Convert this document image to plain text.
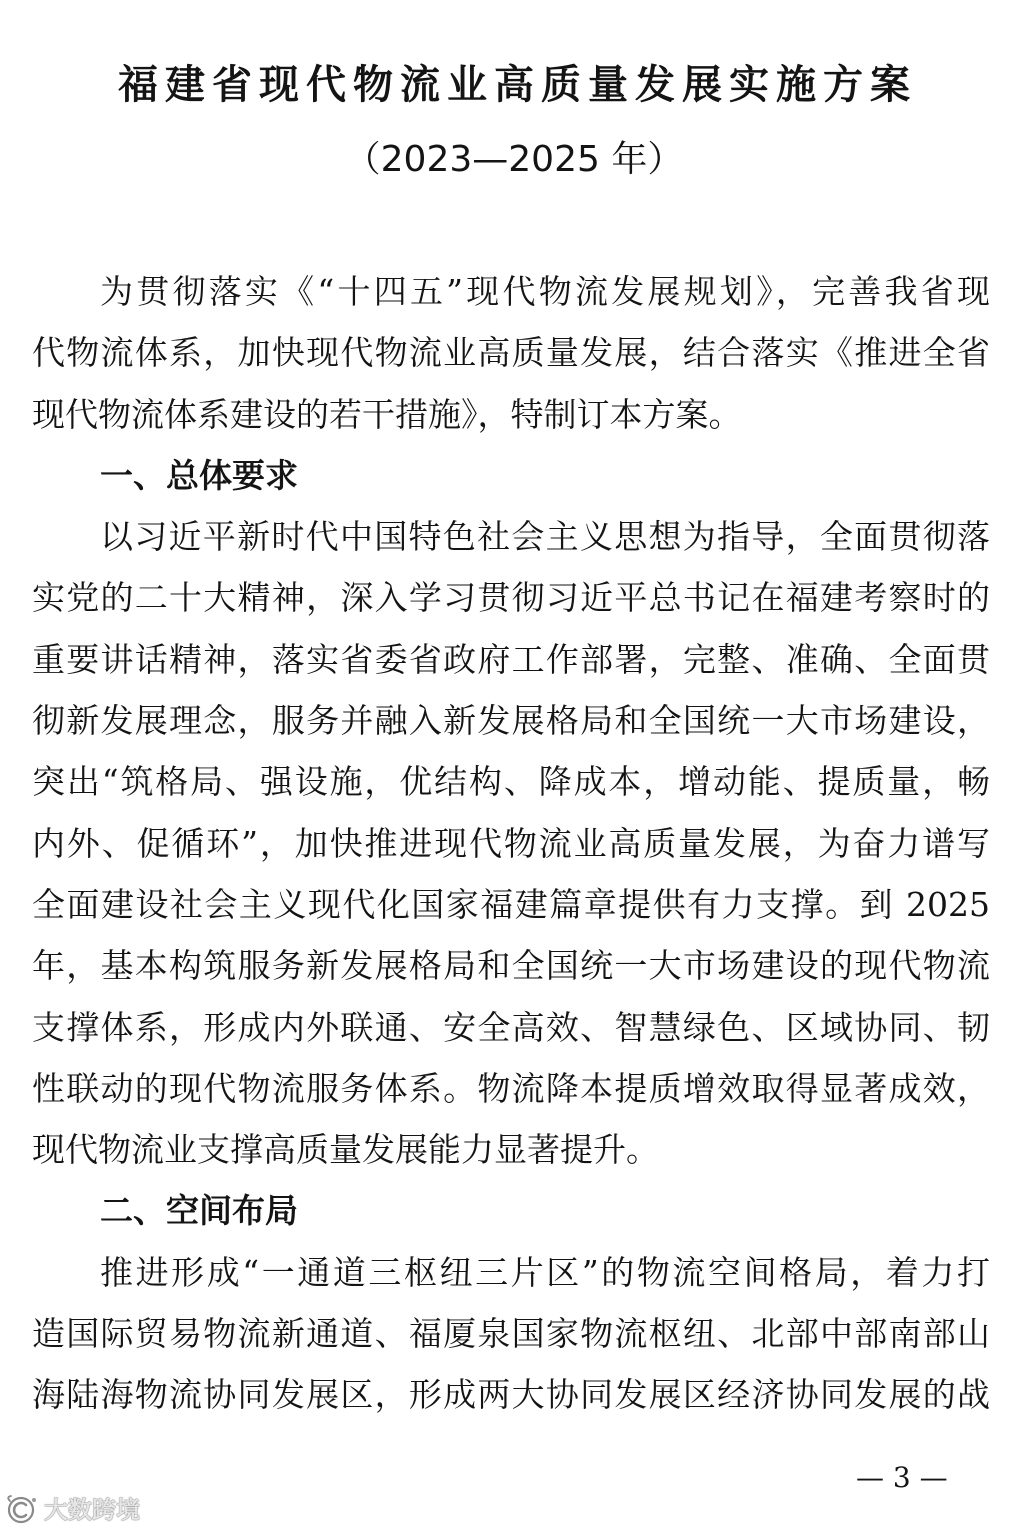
福建省现代物流业高质量发展实施方案
（2023—2025 年）
为贯彻落实《“十四五”现代物流发展规划》，完善我省现
代物流体系，加快现代物流业高质量发展，结合落实《推进全省
现代物流体系建设的若干措施》，特制订本方案。
一、总体要求
以习近平新时代中国特色社会主义思想为指导，全面贯彻落
实党的二十大精神，深入学习贯彻习近平总书记在福建考察时的
重要讲话精神，落实省委省政府工作部署，完整、准确、全面贯
彻新发展理念，服务并融入新发展格局和全国统一大市场建设，
突出“筑格局、强设施，优结构、降成本，增动能、提质量，畅
内外、促循环”，加快推进现代物流业高质量发展，为奋力谱写
全面建设社会主义现代化国家福建篇章提供有力支撑。到 2025
年，基本构筑服务新发展格局和全国统一大市场建设的现代物流
支撑体系，形成内外联通、安全高效、智慧绿色、区域协同、韧
性联动的现代物流服务体系。物流降本提质增效取得显著成效，
现代物流业支撑高质量发展能力显著提升。
二、空间布局
推进形成“一通道三枢纽三片区”的物流空间格局，着力打
造国际贸易物流新通道、福厦泉国家物流枢纽、北部中部南部山
海陆海物流协同发展区，形成两大协同发展区经济协同发展的战
— 3 —
大数跨境
